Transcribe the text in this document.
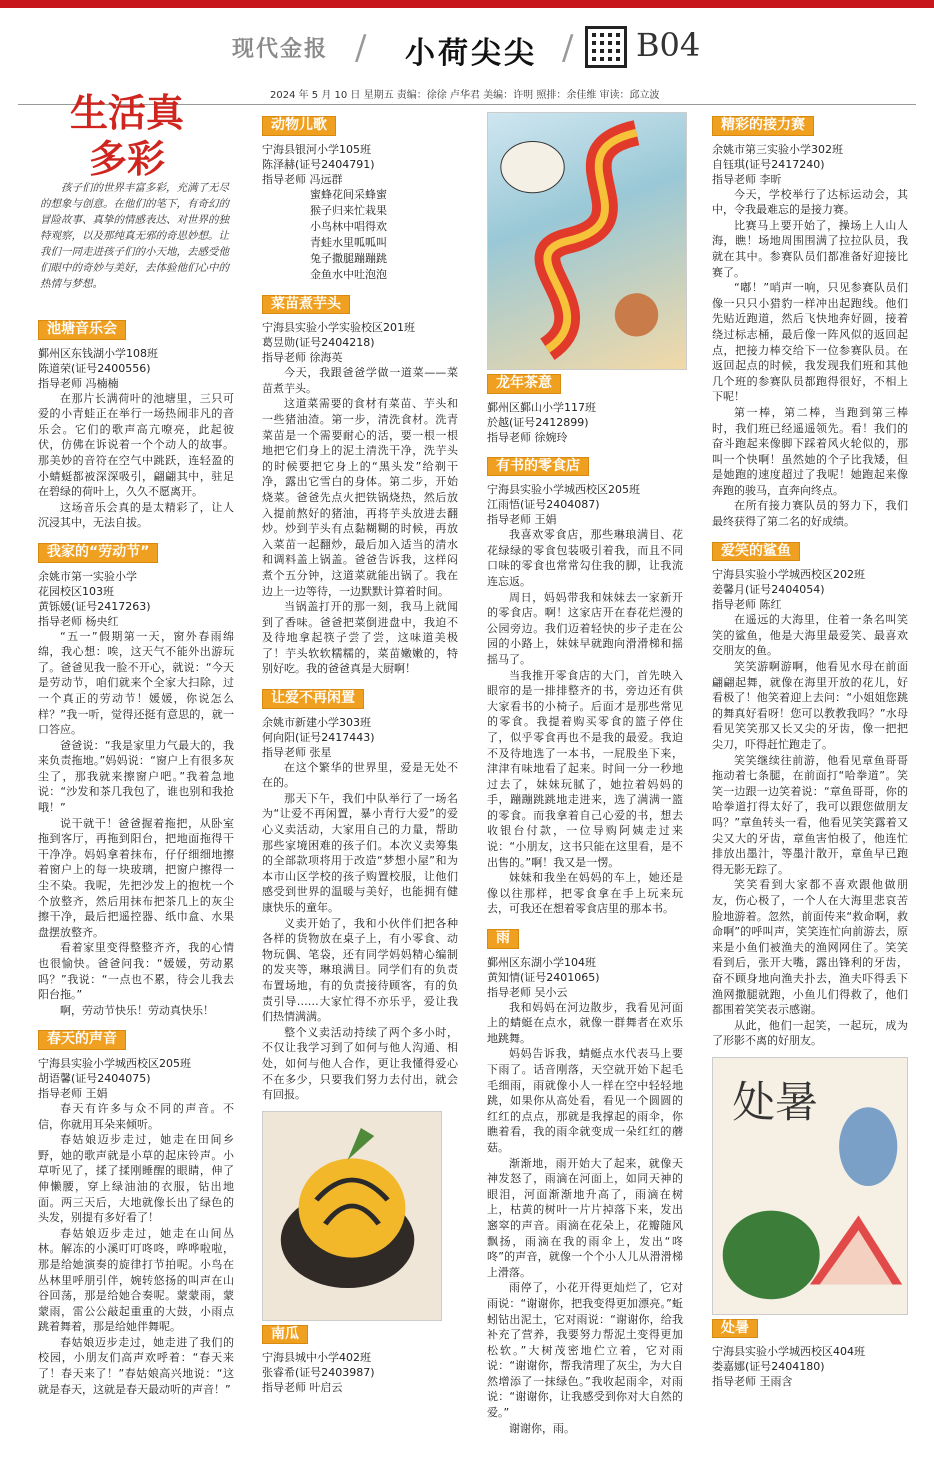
现代金报 / 小荷尖尖 / B04
2024 年 5 月 10 日 星期五 责编：徐徐 卢华君 美编：许明 照排：余佳维 审读：邱立波
生活真多彩
孩子们的世界丰富多彩，充满了无尽的想象与创意。在他们的笔下，有奇幻的冒险故事、真挚的情感表达、对世界的独特观察，以及那纯真无邪的奇思妙想。让我们一同走进孩子们的小天地，去感受他们眼中的奇妙与美好，去体验他们心中的热情与梦想。
池塘音乐会
鄞州区东钱湖小学108班
陈道荣(证号2400556)
指导老师 冯楠楠

在那片长满荷叶的池塘里，三只可爱的小青蛙正在举行一场热闹非凡的音乐会。它们的歌声高亢嘹亮，此起彼伏，仿佛在诉说着一个个动人的故事。那美妙的音符在空气中跳跃，连轻盈的小蜻蜓都被深深吸引，翩翩其中，驻足在碧绿的荷叶上，久久不愿离开。

这场音乐会真的是太精彩了，让人沉浸其中，无法自拔。

我家的“劳动节”
余姚市第一实验小学
花园校区103班
黄铄媛(证号2417263)
指导老师 杨央红

“五一”假期第一天，窗外春雨绵绵，我心想：唉，这天气不能外出游玩了。爸爸见我一脸不开心，就说：“今天是劳动节，咱们就来个全家大扫除，过一个真正的劳动节！媛媛，你说怎么样？”我一听，觉得还挺有意思的，就一口答应。

爸爸说：“我是家里力气最大的，我来负责拖地。”妈妈说：“窗户上有很多灰尘了，那我就来擦窗户吧。”我着急地说：“沙发和茶几我包了，谁也别和我抢哦！”

说干就干！爸爸握着拖把，从卧室拖到客厅，再拖到阳台，把地面拖得干干净净。妈妈拿着抹布，仔仔细细地擦着窗户上的每一块玻璃，把窗户擦得一尘不染。我呢，先把沙发上的抱枕一个个放整齐，然后用抹布把茶几上的灰尘擦干净，最后把遥控器、纸巾盒、水果盘摆放整齐。

看着家里变得整整齐齐，我的心情也很愉快。爸爸问我：“媛媛，劳动累吗？”我说：“一点也不累，待会儿我去阳台拖。”

啊，劳动节快乐！劳动真快乐！

春天的声音
宁海县实验小学城西校区205班
胡语馨(证号2404075)
指导老师 王娟

春天有许多与众不同的声音。不信，你就用耳朵来倾听。

春姑娘迈步走过，她走在田间乡野，她的歌声就是小草的起床铃声。小草听见了，揉了揉刚睡醒的眼睛，伸了伸懒腰，穿上绿油油的衣服，钻出地面。两三天后，大地就像长出了绿色的头发，别提有多好看了！

春姑娘迈步走过，她走在山间丛林。解冻的小溪叮叮咚咚，哗哗啦啦，那是给她演奏的旋律打节拍呢。小鸟在丛林里呼朋引伴，婉转悠扬的叫声在山谷回荡，那是给她合奏呢。蒙蒙雨，蒙蒙雨，雷公公敲起重重的大鼓，小雨点跳着舞着，那是给她伴舞呢。

春姑娘迈步走过，她走进了我们的校园，小朋友们高声欢呼着：“春天来了！春天来了！”春姑娘高兴地说：“这就是春天，这就是春天最动听的声音！”

动物儿歌
宁海县银河小学105班
陈泽赫(证号2404791)
指导老师 冯远群
蜜蜂花间采蜂蜜
猴子归来忙栽果
小鸟林中唱得欢
青蛙水里呱呱叫
兔子撒腿蹦蹦跳
金鱼水中吐泡泡
菜苗煮芋头
宁海县实验小学实验校区201班
葛昱勋(证号2404218)
指导老师 徐海英

今天，我跟爸爸学做一道菜——菜苗煮芋头。

这道菜需要的食材有菜苗、芋头和一些猪油渣。第一步，清洗食材。洗青菜苗是一个需要耐心的活，要一根一根地把它们身上的泥土清洗干净，洗芋头的时候要把它身上的“黑头发”给剃干净，露出它雪白的身体。第二步，开始烧菜。爸爸先点火把铁锅烧热，然后放入提前熬好的猪油，再将芋头放进去翻炒。炒到芋头有点黏糊糊的时候，再放入菜苗一起翻炒，最后加入适当的清水和调料盖上锅盖。爸爸告诉我，这样闷煮个五分钟，这道菜就能出锅了。我在边上一边等待，一边默默计算着时间。

当锅盖打开的那一刻，我马上就闻到了香味。爸爸把菜倒进盘中，我迫不及待地拿起筷子尝了尝，这味道美极了！芋头软软糯糯的，菜苗嫩嫩的，特别好吃。我的爸爸真是大厨啊！

让爱不再闲置
余姚市新建小学303班
何向阳(证号2417443)
指导老师 张星

在这个繁华的世界里，爱是无处不在的。

那天下午，我们中队举行了一场名为“让爱不再闲置，暴小青行大爱”的爱心义卖活动，大家用自己的力量，帮助那些家境困难的孩子们。本次义卖筹集的全部款项将用于改造“梦想小屋”和为本市山区学校的孩子购置校服，让他们感受到世界的温暖与美好，也能拥有健康快乐的童年。

义卖开始了，我和小伙伴们把各种各样的货物放在桌子上，有小零食、动物玩偶、笔袋，还有同学妈妈精心编制的发夹等，琳琅满目。同学们有的负责布置场地，有的负责接待顾客，有的负责引导……大家忙得不亦乐乎，爱让我们热情满满。

整个义卖活动持续了两个多小时，不仅让我学习到了如何与他人沟通、相处，如何与他人合作，更让我懂得爱心不在多少，只要我们努力去付出，就会有回报。

南瓜
宁海县城中小学402班
张睿希(证号2403987)
指导老师 叶启云
龙年茶意
鄞州区鄞山小学117班
於越(证号2412899)
指导老师 徐婉玲
有书的零食店
宁海县实验小学城西校区205班
江雨悟(证号2404087)
指导老师 王娟

我喜欢零食店，那些琳琅满目、花花绿绿的零食包装吸引着我，而且不同口味的零食也常常勾住我的脚，让我流连忘返。

周日，妈妈带我和妹妹去一家新开的零食店。啊！这家店开在春花烂漫的公园旁边。我们迈着轻快的步子走在公园的小路上，妹妹早就跑向滑滑梯和摇摇马了。

当我推开零食店的大门，首先映入眼帘的是一排排整齐的书，旁边还有供大家看书的小椅子。后面才是那些常见的零食。我提着购买零食的篮子停住了，似乎零食再也不是我的最爱。我迫不及待地选了一本书，一屁股坐下来，津津有味地看了起来。时间一分一秒地过去了，妹妹玩腻了，她拉着妈妈的手，蹦蹦跳跳地走进来，选了满满一篮的零食。而我拿着自己心爱的书，想去收银台付款，一位导购阿姨走过来说：“小朋友，这书只能在这里看，是不出售的。”啊！我又是一愣。

妹妹和我坐在妈妈的车上，她还是像以往那样，把零食拿在手上玩来玩去，可我还在想着零食店里的那本书。

雨
鄞州区东湖小学104班
黄知情(证号2401065)
指导老师 吴小云

我和妈妈在河边散步，我看见河面上的蜻蜓在点水，就像一群舞者在欢乐地跳舞。

妈妈告诉我，蜻蜓点水代表马上要下雨了。话音刚落，天空就开始下起毛毛细雨，雨就像小人一样在空中轻轻地跳，如果你从高处看，看见一个圆圆的红红的点点，那就是我撑起的雨伞，你瞧着看，我的雨伞就变成一朵红红的蘑菇。

渐渐地，雨开始大了起来，就像天神发怒了，雨滴在河面上，如同天神的眼泪，河面渐渐地升高了，雨滴在树上，枯黄的树叶一片片掉落下来，发出窸窣的声音。雨滴在花朵上，花瓣随风飘扬，雨滴在我的雨伞上，发出“咚咚”的声音，就像一个个小人儿从滑滑梯上滑落。

雨停了，小花开得更灿烂了，它对雨说：“谢谢你，把我变得更加漂亮。”蚯蚓钻出泥土，它对雨说：“谢谢你，给我补充了营养，我要努力帮泥土变得更加松软。”大树茂密地伫立着，它对雨说：“谢谢你，帮我清理了灰尘，为大自然增添了一抹绿色。”我收起雨伞，对雨说：“谢谢你，让我感受到你对大自然的爱。”

谢谢你，雨。

精彩的接力赛
余姚市第三实验小学302班
自钰琪(证号2417240)
指导老师 李昕

今天，学校举行了达标运动会，其中，令我最难忘的是接力赛。

比赛马上要开始了，操场上人山人海，瞧！场地周围围满了拉拉队员，我就在其中。参赛队员们都准备好迎接比赛了。

“嘟！”哨声一响，只见参赛队员们像一只只小猎豹一样冲出起跑线。他们先贴近跑道，然后飞快地奔好圆，接着绕过标志桶，最后像一阵风似的返回起点，把接力棒交给下一位参赛队员。在返回起点的时候，我发现我们班和其他几个班的参赛队员都跑得很好，不相上下呢！

第一棒，第二棒，当跑到第三棒时，我们班已经遥遥领先。看！我们的奋斗跑起来像脚下踩着风火轮似的，那叫一个快啊！虽然她的个子比我矮，但是她跑的速度超过了我呢！她跑起来像奔跑的骏马，直奔向终点。

在所有接力赛队员的努力下，我们最终获得了第二名的好成绩。

爱笑的鲨鱼
宁海县实验小学城西校区202班
姜馨月(证号2404054)
指导老师 陈红

在遥远的大海里，住着一条名叫笑笑的鲨鱼，他是大海里最爱笑、最喜欢交朋友的鱼。

笑笑游啊游啊，他看见水母在前面翩翩起舞，就像在海里开放的花儿，好看极了！他笑着迎上去问：“小姐姐您跳的舞真好看呀！您可以教教我吗？”水母看见笑笑那又长又尖的牙齿，像一把把尖刀，吓得赶忙跑走了。

笑笑继续往前游，他看见章鱼哥哥拖动着七条腿，在前面打“哈拳道”。笑笑一边跟一边笑着说：“章鱼哥哥，你的哈拳道打得太好了，我可以跟您做朋友吗？”章鱼转头一看，他看见笑笑露着又尖又大的牙齿，章鱼害怕极了，他连忙排放出墨汁，等墨汁散开，章鱼早已跑得无影无踪了。

笑笑看到大家都不喜欢跟他做朋友，伤心极了，一个人在大海里悲哀苦脸地游着。忽然，前面传来“救命啊，救命啊”的呼叫声，笑笑连忙向前游去，原来是小鱼们被渔夫的渔网网住了。笑笑看到后，张开大嘴，露出锋利的牙齿，奋不顾身地向渔夫扑去，渔夫吓得丢下渔网撒腿就跑，小鱼儿们得救了，他们都围着笑笑表示感谢。

从此，他们一起笑，一起玩，成为了形影不离的好朋友。

处暑
处暑
宁海县实验小学城西校区404班
娄嘉娜(证号2404180)
指导老师 王雨含
